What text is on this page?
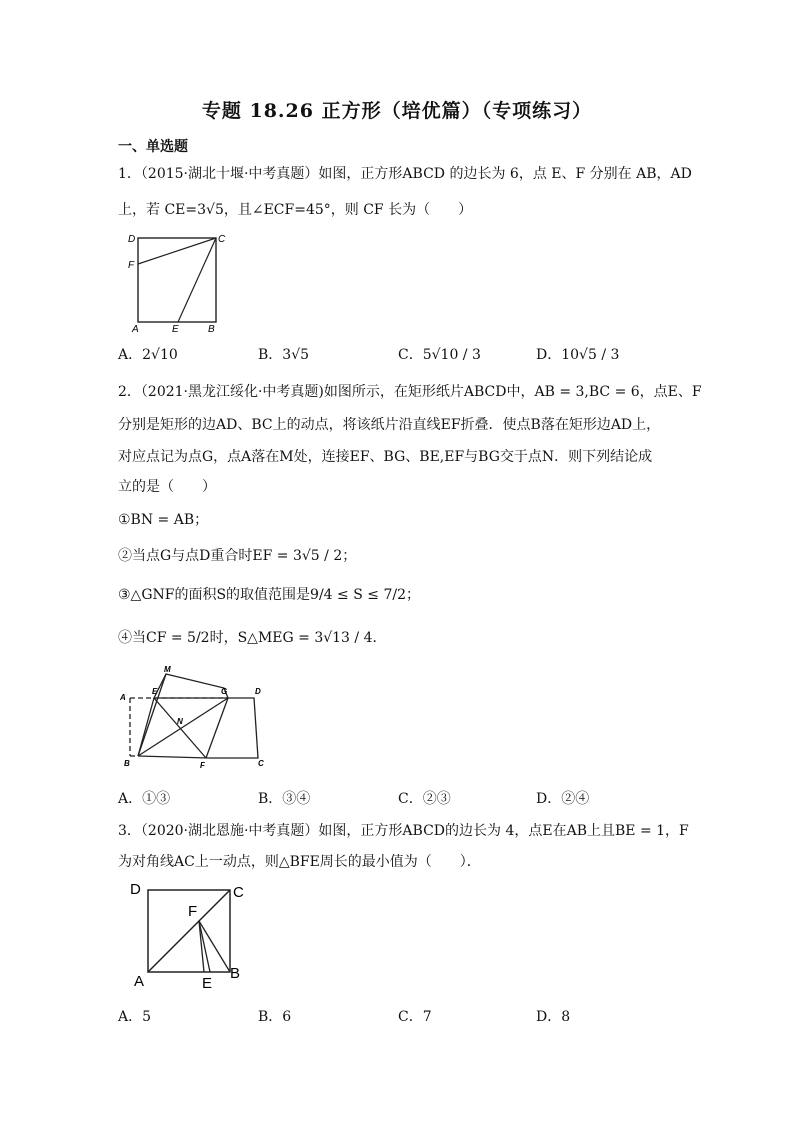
专题 18.26 正方形（培优篇）（专项练习）
一、单选题
1．（2015·湖北十堰·中考真题）如图，正方形ABCD 的边长为 6，点 E、F 分别在 AB，AD
上，若 CE=3√5，且∠ECF=45°，则 CF 长为（　　）
D	C
F
A	E	B
A．2√10	B．3√5	C．5√10 / 3	D．10√5 / 3
2．（2021·黑龙江绥化·中考真题)如图所示，在矩形纸片ABCD中，AB = 3,BC = 6，点E、F
分别是矩形的边AD、BC上的动点，将该纸片沿直线EF折叠．使点B落在矩形边AD上，
对应点记为点G，点A落在M处，连接EF、BG、BE,EF与BG交于点N．则下列结论成
立的是（　　）
①BN = AB；
②当点G与点D重合时EF = 3√5 / 2；
③△GNF的面积S的取值范围是9/4 ≤ S ≤ 7/2；
④当CF = 5/2时，S△MEG = 3√13 / 4．
M
A
E	G	D
N
B	F	C
A．①③	B．③④	C．②③	D．②④
3．（2020·湖北恩施·中考真题）如图，正方形ABCD的边长为 4，点E在AB上且BE = 1，F
为对角线AC上一动点，则△BFE周长的最小值为（　　）．
D	C
F
A	E
B
A．5	B．6	C．7	D．8
